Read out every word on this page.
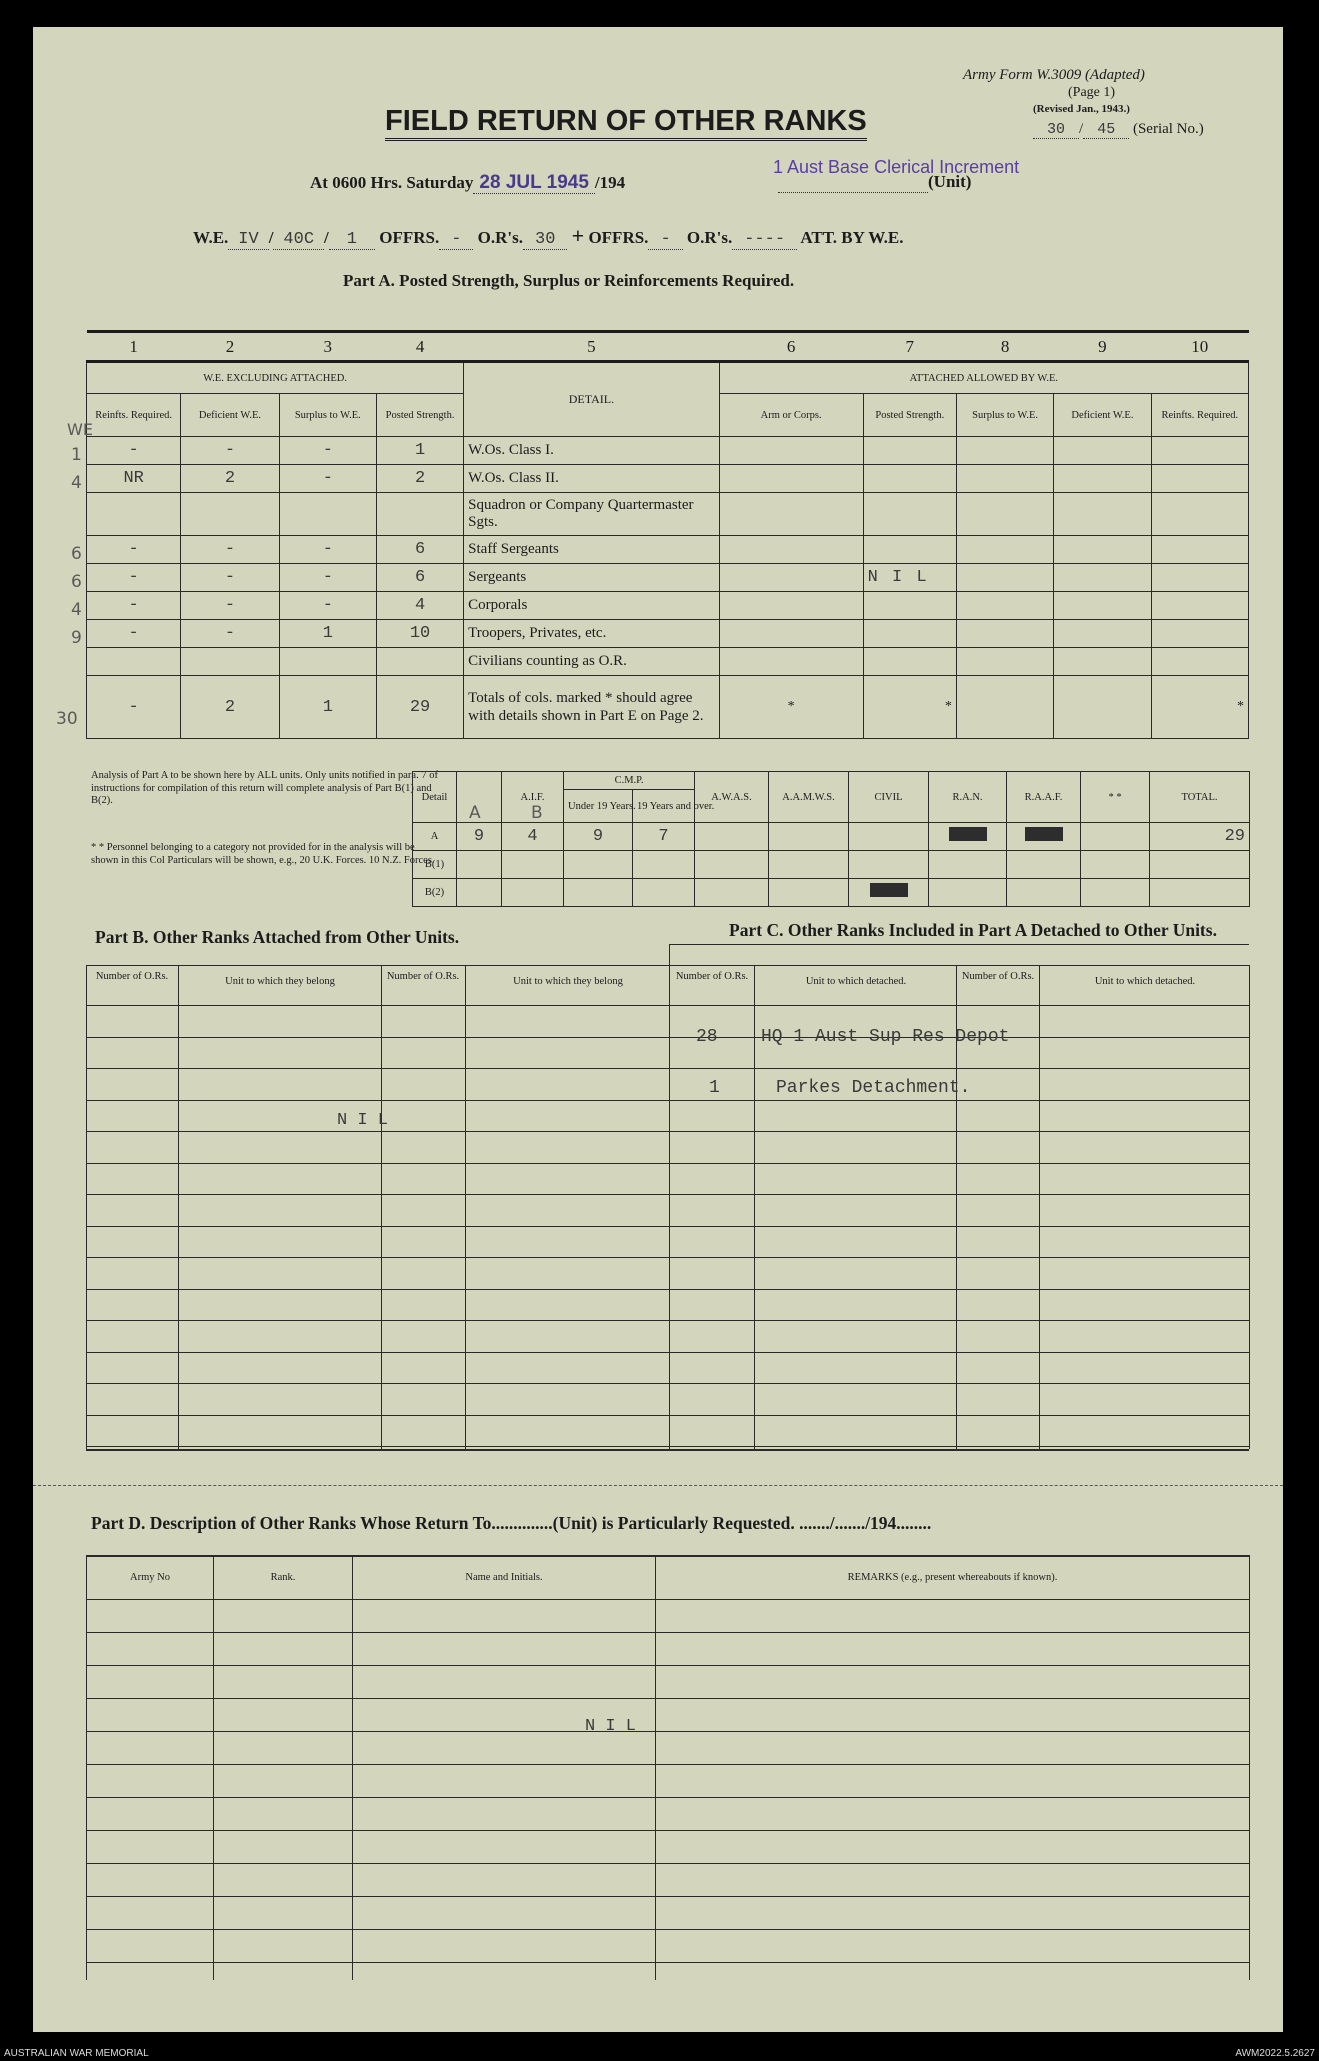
Army Form W.3009 (Adapted)
(Page 1)
(Revised Jan., 1943.)
30 / 45 (Serial No.)
FIELD RETURN OF OTHER RANKS
At 0600 Hrs. Saturday 28 JUL 1945 /194
1 Aust Base Clerical Increment
(Unit)
W.E. IV / 40C / 1 OFFRS. - O.R's. 30 + OFFRS. - O.R's. ---- ATT. BY W.E.
Part A. Posted Strength, Surplus or Reinforcements Required.
1	2	3	4	5	6	7	8	9	10
W.E. EXCLUDING ATTACHED.				DETAIL.	ATTACHED ALLOWED BY W.E.				
Reinfts. Required.	Deficient W.E.	Surplus to W.E.	Posted Strength.		Arm or Corps.	Posted Strength.	Surplus to W.E.	Deficient W.E.	Reinfts. Required.
-	-	-	1	W.Os. Class I.					
NR	2	-	2	W.Os. Class II.					
				Squadron or Company Quartermaster Sgts.					
-	-	-	6	Staff Sergeants					
-	-	-	6	Sergeants		N I L			
-	-	-	4	Corporals					
-	-	1	10	Troopers, Privates, etc.					
				Civilians counting as O.R.					
-	2	1	29	Totals of cols. marked * should agree with details shown in Part E on Page 2.	*	*			*
WE
1
4
6
6
4
9
30
Analysis of Part A to be shown here by ALL units. Only units notified in para. 7 of instructions for compilation of this return will complete analysis of Part B(1) and B(2).
* * Personnel belonging to a category not provided for in the analysis will be shown in this Col Particulars will be shown, e.g., 20 U.K. Forces. 10 N.Z. Forces.
Detail		A.I.F.	C.M.P.		A.W.A.S.	A.A.M.W.S.	CIVIL	R.A.N.	R.A.A.F.	* *	TOTAL.
			Under 19 Years.	19 Years and over.							
A	9	4	9	7							29
B(1)											
B(2)											
A	B
Part B. Other Ranks Attached from Other Units.	Part C. Other Ranks Included in Part A Detached to Other Units.
Number of O.Rs.	Unit to which they belong	Number of O.Rs.	Unit to which they belong	Number of O.Rs.	Unit to which detached.	Number of O.Rs.	Unit to which detached.
N I L
28 HQ 1 Aust Sup Res Depot
1	Parkes Detachment.
Part D. Description of Other Ranks Whose Return To..............(Unit) is Particularly Requested. ......./......./194........
Army No	Rank.	Name and Initials.	REMARKS (e.g., present whereabouts if known).
N I L
AUSTRALIAN WAR MEMORIAL	AWM2022.5.2627
